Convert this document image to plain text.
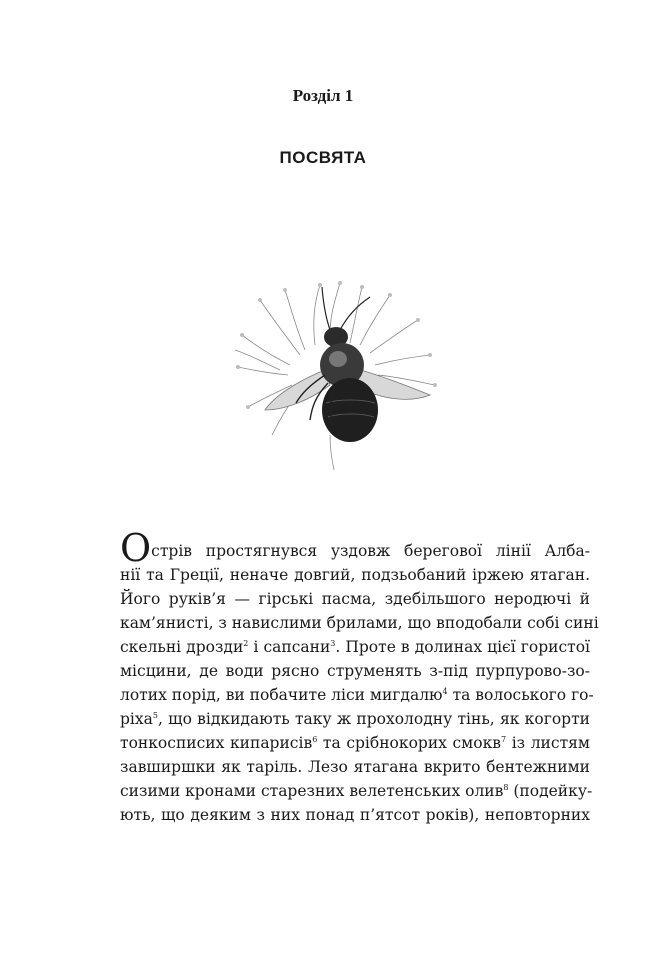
Розділ 1
ПОСВЯТА
Острів простягнувся уздовж берегової лінії Алба-
нії та Греції, неначе довгий, подзьобаний іржею ятаган.
Його руків’я — гірські пасма, здебільшого неродючі й
кам’янисті, з навислими брилами, що вподобали собі сині
скельні дрозди$^2$ і сапсани$^3$. Проте в долинах цієї гористої
місцини, де води рясно струменять з-під пурпурово-зо-
лотих порід, ви побачите ліси мигдалю$^4$ та волоського го-
ріха$^5$, що відкидають таку ж прохолодну тінь, як когорти
тонкосписих кипарисів$^6$ та срібнокорих смокв$^7$ із листям
завширшки як таріль. Лезо ятагана вкрито бентежними
сизими кронами старезних велетенських олив$^8$ (подейку-
ють, що деяким з них понад п’ятсот років), неповторних
